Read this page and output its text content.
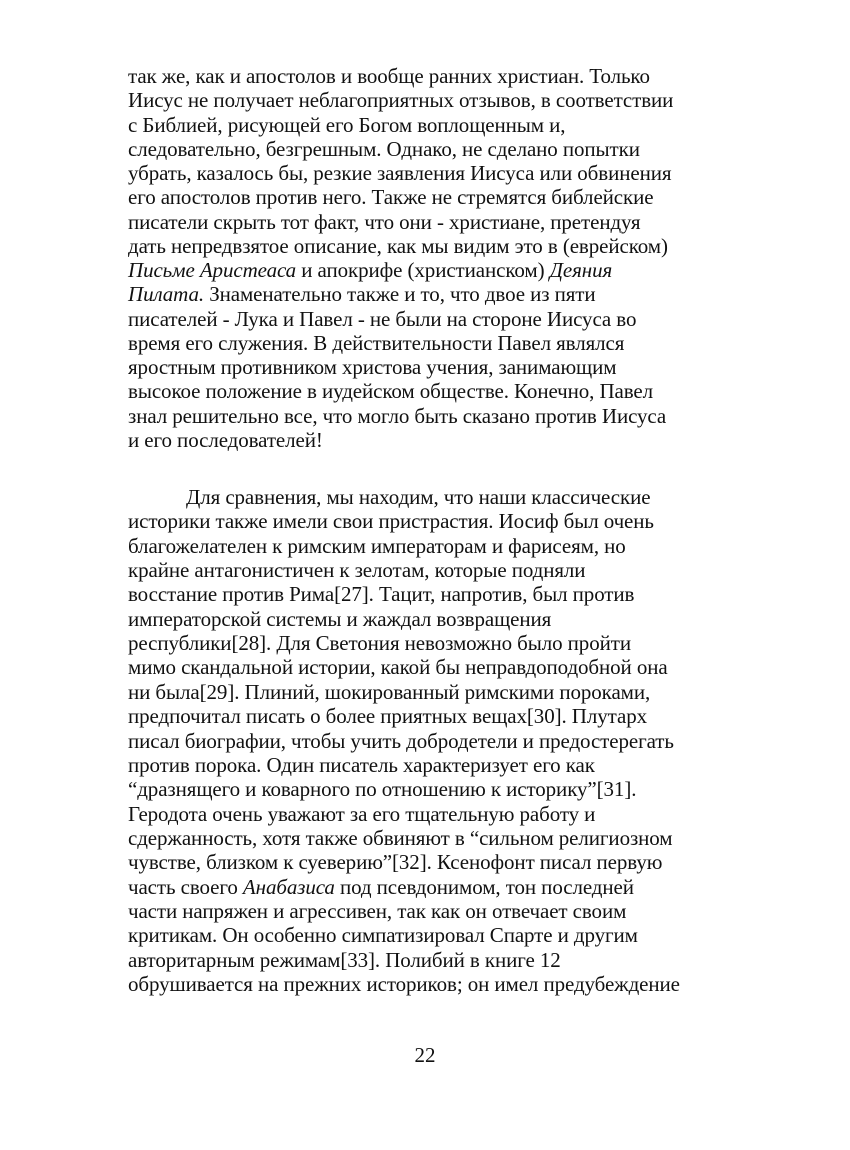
так же, как и апостолов и вообще ранних христиан. Только
Иисус не получает неблагоприятных отзывов, в соответствии
с Библией, рисующей его Богом воплощенным и,
следовательно, безгрешным. Однако, не сделано попытки
убрать, казалось бы, резкие заявления Иисуса или обвинения
его апостолов против него. Также не стремятся библейские
писатели скрыть тот факт, что они - христиане, претендуя
дать непредвзятое описание, как мы видим это в (еврейском)
Письме Аристеаса и апокрифе (христианском) Деяния
Пилата. Знаменательно также и то, что двое из пяти
писателей - Лука и Павел - не были на стороне Иисуса во
время его служения. В действительности Павел являлся
яростным противником христова учения, занимающим
высокое положение в иудейском обществе. Конечно, Павел
знал решительно все, что могло быть сказано против Иисуса
и его последователей!
Для сравнения, мы находим, что наши классические
историки также имели свои пристрастия. Иосиф был очень
благожелателен к римским императорам и фарисеям, но
крайне антагонистичен к зелотам, которые подняли
восстание против Рима[27]. Тацит, напротив, был против
императорской системы и жаждал возвращения
республики[28]. Для Светония невозможно было пройти
мимо скандальной истории, какой бы неправдоподобной она
ни была[29]. Плиний, шокированный римскими пороками,
предпочитал писать о более приятных вещах[30]. Плутарх
писал биографии, чтобы учить добродетели и предостерегать
против порока. Один писатель характеризует его как
“дразнящего и коварного по отношению к историку”[31].
Геродота очень уважают за его тщательную работу и
сдержанность, хотя также обвиняют в “сильном религиозном
чувстве, близком к суеверию”[32]. Ксенофонт писал первую
часть своего Анабазиса под псевдонимом, тон последней
части напряжен и агрессивен, так как он отвечает своим
критикам. Он особенно симпатизировал Спарте и другим
авторитарным режимам[33]. Полибий в книге 12
обрушивается на прежних историков; он имел предубеждение
22
